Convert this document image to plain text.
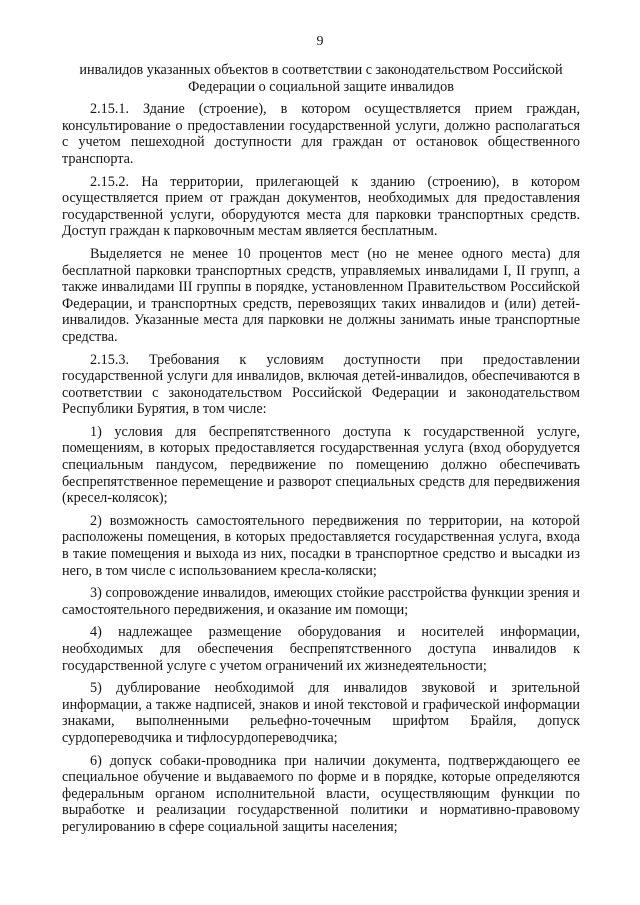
9

инвалидов указанных объектов в соответствии с законодательством Российской Федерации о социальной защите инвалидов

2.15.1. Здание (строение), в котором осуществляется прием граждан, консультирование о предоставлении государственной услуги, должно располагаться с учетом пешеходной доступности для граждан от остановок общественного транспорта.

2.15.2. На территории, прилегающей к зданию (строению), в котором осуществляется прием от граждан документов, необходимых для предоставления государственной услуги, оборудуются места для парковки транспортных средств. Доступ граждан к парковочным местам является бесплатным.

Выделяется не менее 10 процентов мест (но не менее одного места) для бесплатной парковки транспортных средств, управляемых инвалидами I, II групп, а также инвалидами III группы в порядке, установленном Правительством Российской Федерации, и транспортных средств, перевозящих таких инвалидов и (или) детей-инвалидов. Указанные места для парковки не должны занимать иные транспортные средства.

2.15.3. Требования к условиям доступности при предоставлении государственной услуги для инвалидов, включая детей-инвалидов, обеспечиваются в соответствии с законодательством Российской Федерации и законодательством Республики Бурятия, в том числе:

1) условия для беспрепятственного доступа к государственной услуге, помещениям, в которых предоставляется государственная услуга (вход оборудуется специальным пандусом, передвижение по помещению должно обеспечивать беспрепятственное перемещение и разворот специальных средств для передвижения (кресел-колясок);

2) возможность самостоятельного передвижения по территории, на которой расположены помещения, в которых предоставляется государственная услуга, входа в такие помещения и выхода из них, посадки в транспортное средство и высадки из него, в том числе с использованием кресла-коляски;

3) сопровождение инвалидов, имеющих стойкие расстройства функции зрения и самостоятельного передвижения, и оказание им помощи;

4) надлежащее размещение оборудования и носителей информации, необходимых для обеспечения беспрепятственного доступа инвалидов к государственной услуге с учетом ограничений их жизнедеятельности;

5) дублирование необходимой для инвалидов звуковой и зрительной информации, а также надписей, знаков и иной текстовой и графической информации знаками, выполненными рельефно-точечным шрифтом Брайля, допуск сурдопереводчика и тифлосурдопереводчика;

6) допуск собаки-проводника при наличии документа, подтверждающего ее специальное обучение и выдаваемого по форме и в порядке, которые определяются федеральным органом исполнительной власти, осуществляющим функции по выработке и реализации государственной политики и нормативно-правовому регулированию в сфере социальной защиты населения;
